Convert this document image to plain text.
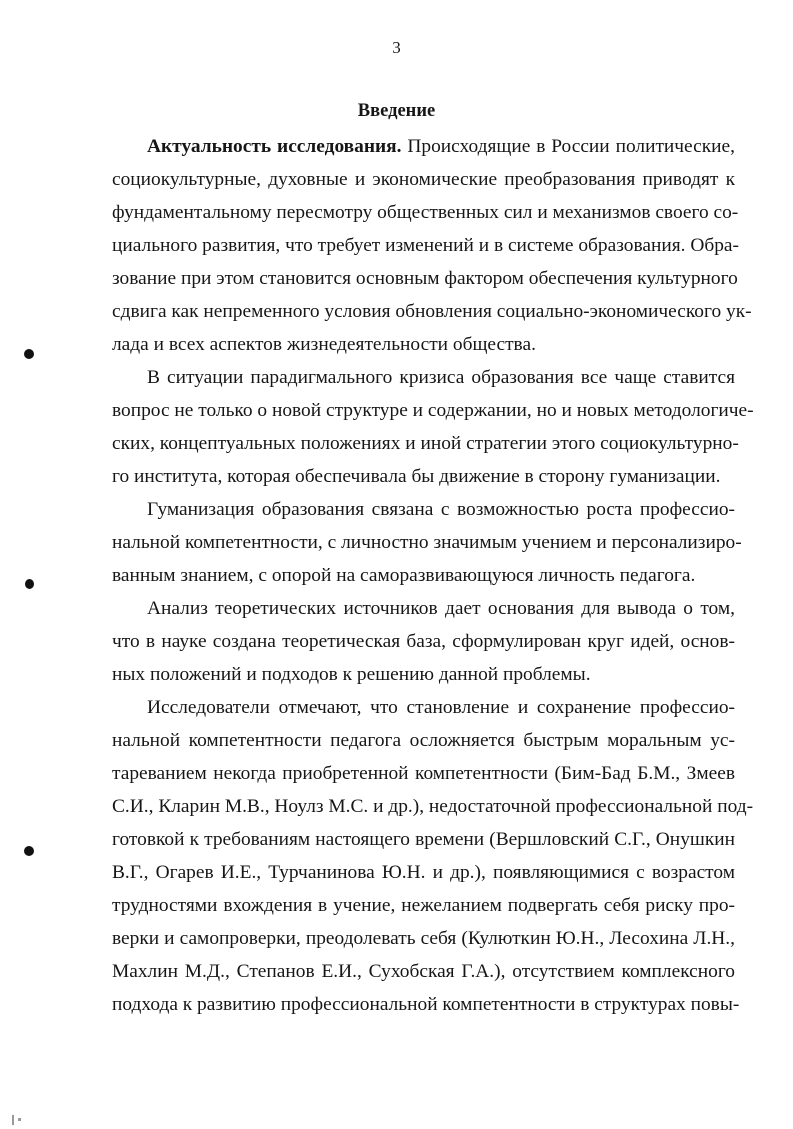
3

Введение

Актуальность исследования. Происходящие в России политические,

социокультурные, духовные и экономические преобразования приводят к

фундаментальному пересмотру общественных сил и механизмов своего со-

циального развития, что требует изменений и в системе образования. Обра-

зование при этом становится основным фактором обеспечения культурного

сдвига как непременного условия обновления социально-экономического ук-

лада и всех аспектов жизнедеятельности общества.

В ситуации парадигмального кризиса образования все чаще ставится

вопрос не только о новой структуре и содержании, но и новых методологиче-

ских, концептуальных положениях и иной стратегии этого социокультурно-

го института, которая обеспечивала бы движение в сторону гуманизации.

Гуманизация образования связана с возможностью роста профессио-

нальной компетентности, с личностно значимым учением и персонализиро-

ванным знанием, с опорой на саморазвивающуюся личность педагога.

Анализ теоретических источников дает основания для вывода о том,

что в науке создана теоретическая база, сформулирован круг идей, основ-

ных положений и подходов к решению данной проблемы.

Исследователи отмечают, что становление и сохранение профессио-

нальной компетентности педагога осложняется быстрым моральным ус-

тареванием некогда приобретенной компетентности (Бим-Бад Б.М., Змеев

С.И., Кларин М.В., Ноулз М.С. и др.), недостаточной профессиональной под-

готовкой к требованиям настоящего времени (Вершловский С.Г., Онушкин

В.Г., Огарев И.Е., Турчанинова Ю.Н. и др.), появляющимися с возрастом

трудностями вхождения в учение, нежеланием подвергать себя риску про-

верки и самопроверки, преодолевать себя (Кулюткин Ю.Н., Лесохина Л.Н.,

Махлин М.Д., Степанов Е.И., Сухобская Г.А.), отсутствием комплексного

подхода к развитию профессиональной компетентности в структурах повы-
